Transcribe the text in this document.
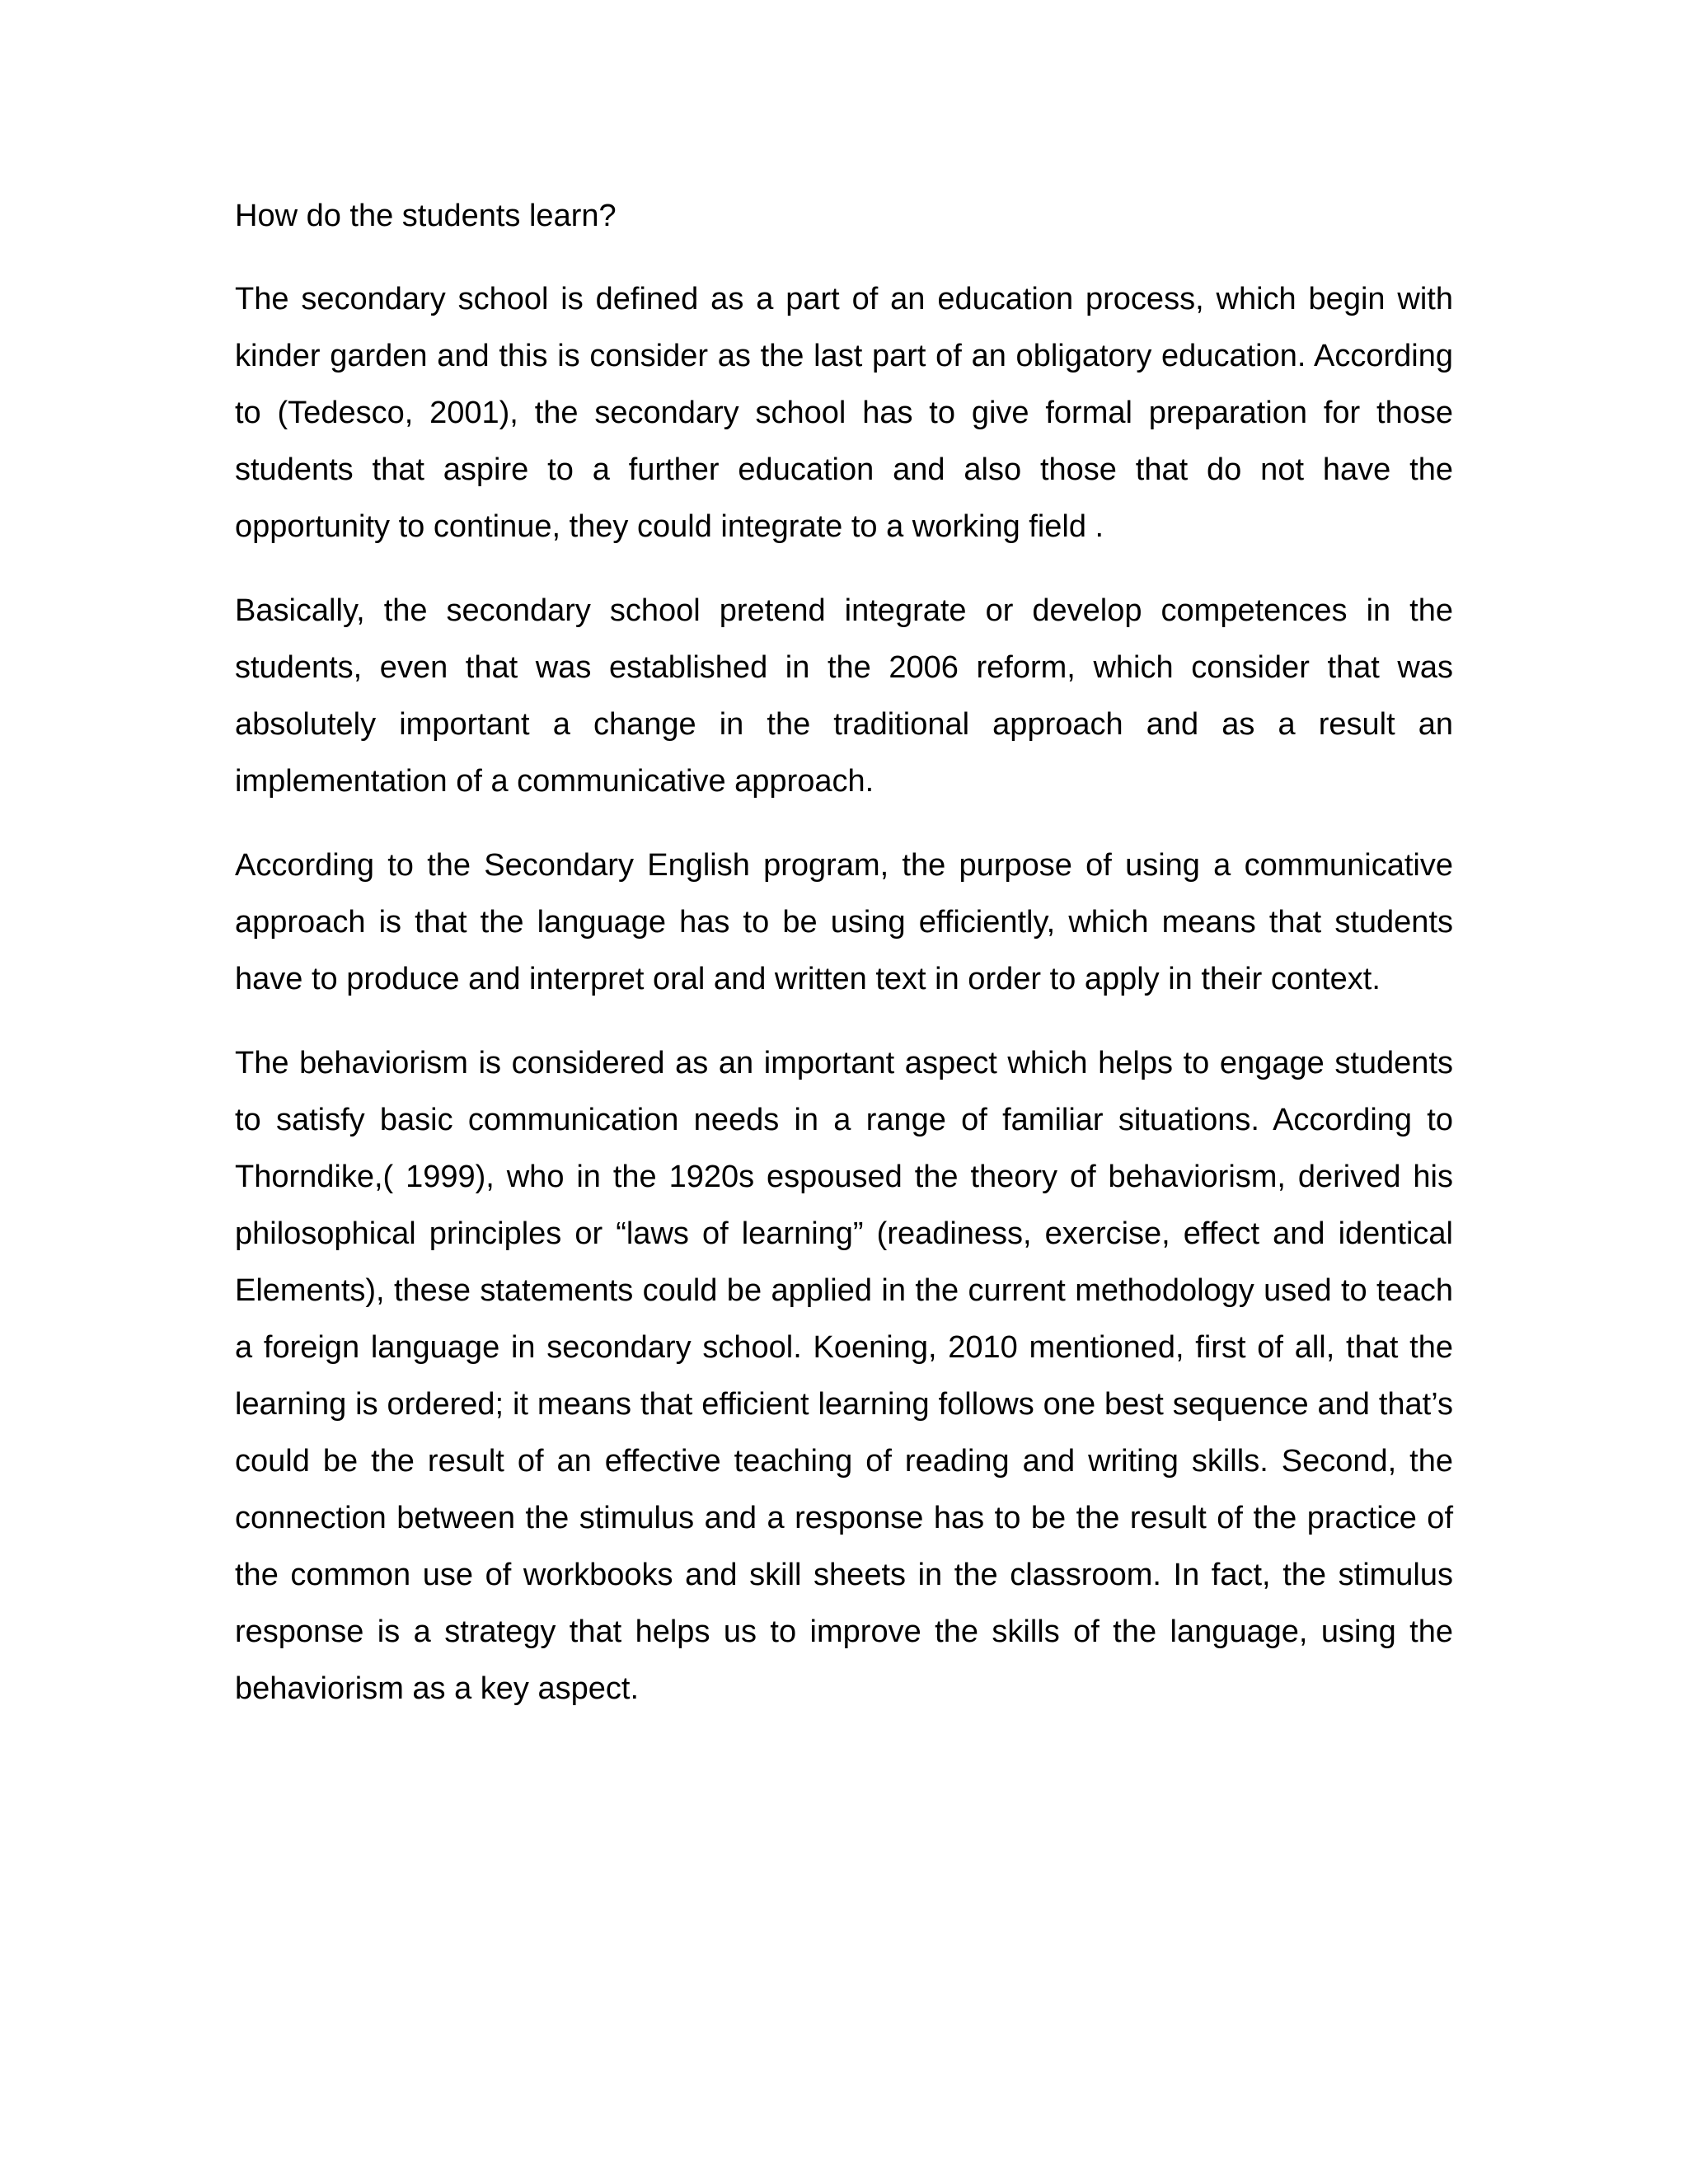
How do the students learn?

The secondary school is defined as a part of an education process, which begin with kinder garden and this is consider as the last part of an obligatory education. According to (Tedesco, 2001), the secondary school has to give formal preparation for those students that aspire to a further education and also those that do not have the opportunity to continue, they could integrate to a working field .

Basically, the secondary school pretend integrate or develop competences in the students, even that was established in the 2006 reform, which consider that was absolutely important a change in the traditional approach and as a result an implementation of a communicative approach.

According to the Secondary English program, the purpose of using a communicative approach is that the language has to be using efficiently, which means that students have to produce and interpret oral and written text in order to apply in their context.

The behaviorism is considered as an important aspect which helps to engage students to satisfy basic communication needs in a range of familiar situations. According to Thorndike,( 1999), who in the 1920s espoused the theory of behaviorism, derived his philosophical principles or “laws of learning” (readiness, exercise, effect and identical Elements), these statements could be applied in the current methodology used to teach a foreign language in secondary school. Koening, 2010 mentioned, first of all, that the learning is ordered; it means that efficient learning follows one best sequence and that’s could be the result of an effective teaching of reading and writing skills. Second, the connection between the stimulus and a response has to be the result of the practice of the common use of workbooks and skill sheets in the classroom. In fact, the stimulus response is a strategy that helps us to improve the skills of the language, using the behaviorism as a key aspect.
